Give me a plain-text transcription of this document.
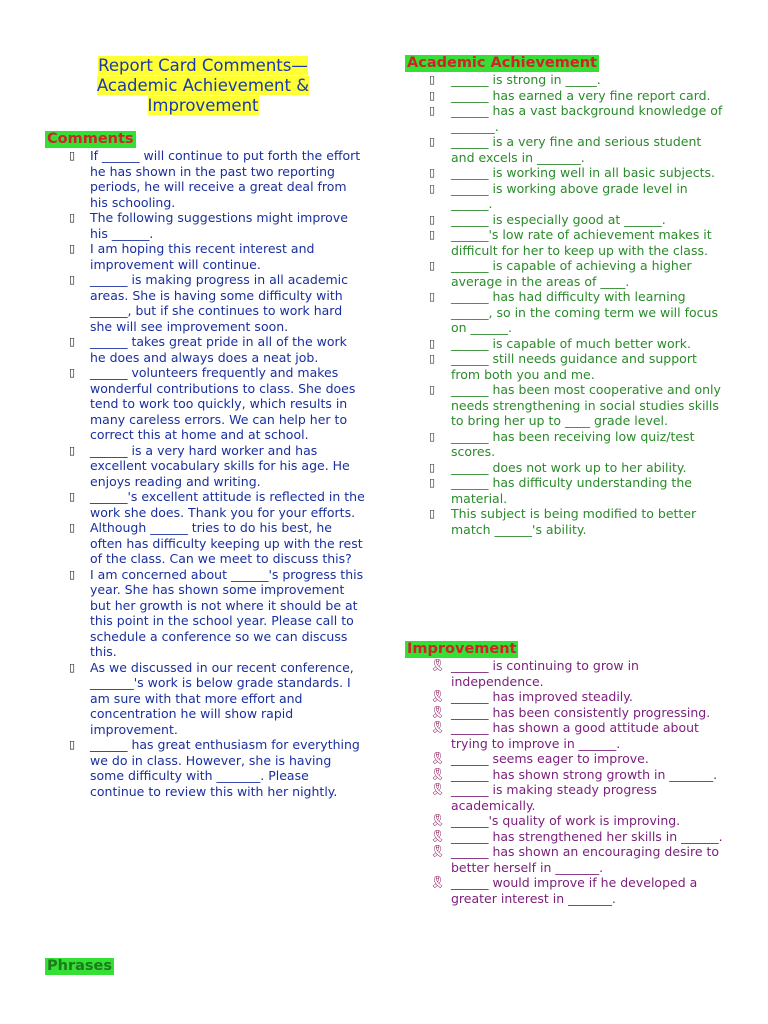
Report Card Comments—
Academic Achievement &
Improvement
Comments
▯ If ______ will continue to put forth the effort he has shown in the past two reporting periods, he will receive a great deal from his schooling.
▯ The following suggestions might improve his ______.
▯ I am hoping this recent interest and improvement will continue.
▯ ______ is making progress in all academic areas. She is having some difficulty with ______, but if she continues to work hard she will see improvement soon.
▯ ______ takes great pride in all of the work he does and always does a neat job.
▯ ______ volunteers frequently and makes wonderful contributions to class. She does tend to work too quickly, which results in many careless errors. We can help her to correct this at home and at school.
▯ ______ is a very hard worker and has excellent vocabulary skills for his age. He enjoys reading and writing.
▯ ______'s excellent attitude is reflected in the work she does. Thank you for your efforts.
▯ Although ______ tries to do his best, he often has difficulty keeping up with the rest of the class. Can we meet to discuss this?
▯ I am concerned about ______'s progress this year. She has shown some improvement but her growth is not where it should be at this point in the school year. Please call to schedule a conference so we can discuss this.
▯ As we discussed in our recent conference, _______'s work is below grade standards. I am sure with that more effort and concentration he will show rapid improvement.
▯ ______ has great enthusiasm for everything we do in class. However, she is having some difficulty with _______. Please continue to review this with her nightly.
Phrases
Academic Achievement
▯ ______ is strong in _____.
▯ ______ has earned a very fine report card.
▯ ______ has a vast background knowledge of _______.
▯ ______ is a very fine and serious student and excels in _______.
▯ ______ is working well in all basic subjects.
▯ ______ is working above grade level in ______.
▯ ______ is especially good at ______.
▯ ______'s low rate of achievement makes it difficult for her to keep up with the class.
▯ ______ is capable of achieving a higher average in the areas of ____.
▯ ______ has had difficulty with learning ______, so in the coming term we will focus on ______.
▯ ______ is capable of much better work.
▯ ______ still needs guidance and support from both you and me.
▯ ______ has been most cooperative and only needs strengthening in social studies skills to bring her up to ____ grade level.
▯ ______ has been receiving low quiz/test scores.
▯ ______ does not work up to her ability.
▯ ______ has difficulty understanding the material.
▯ This subject is being modified to better match ______'s ability.
Improvement
🎗 ______ is continuing to grow in independence.
🎗 ______ has improved steadily.
🎗 ______ has been consistently progressing.
🎗 ______ has shown a good attitude about trying to improve in ______.
🎗 ______ seems eager to improve.
🎗 ______ has shown strong growth in _______.
🎗 ______ is making steady progress academically.
🎗 ______'s quality of work is improving.
🎗 ______ has strengthened her skills in ______.
🎗 ______ has shown an encouraging desire to better herself in _______.
🎗 ______ would improve if he developed a greater interest in _______.
